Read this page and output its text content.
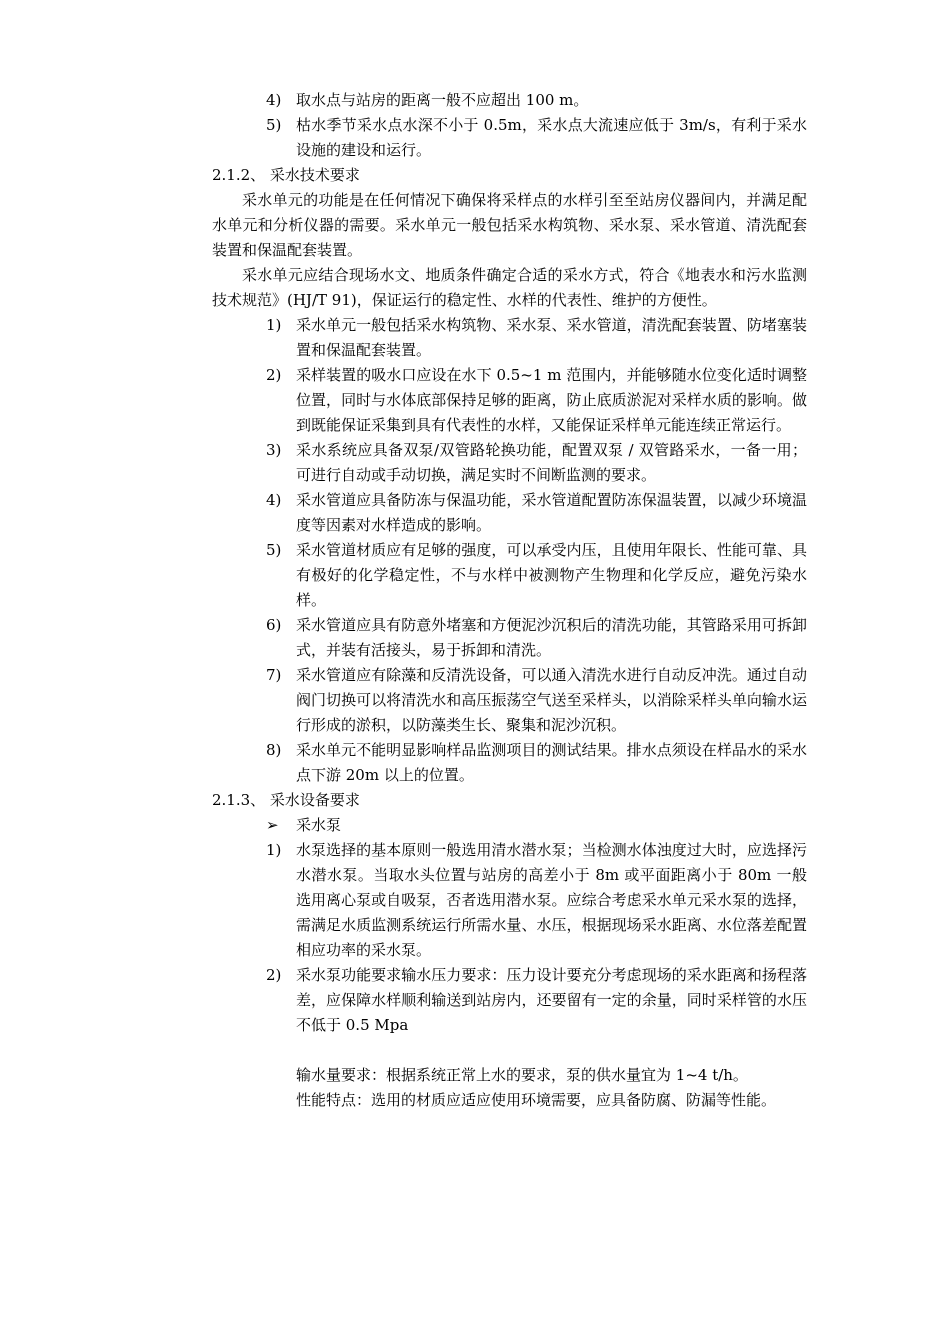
4) 取水点与站房的距离一般不应超出 100 m。
5) 枯水季节采水点水深不小于 0.5m，采水点大流速应低于 3m/s，有利于采水设施的建设和运行。

2.1.2、 采水技术要求

采水单元的功能是在任何情况下确保将采样点的水样引至至站房仪器间内，并满足配水单元和分析仪器的需要。采水单元一般包括采水构筑物、采水泵、采水管道、清洗配套装置和保温配套装置。

采水单元应结合现场水文、地质条件确定合适的采水方式，符合《地表水和污水监测技术规范》(HJ/T 91)，保证运行的稳定性、水样的代表性、维护的方便性。

1) 采水单元一般包括采水构筑物、采水泵、采水管道，清洗配套装置、防堵塞装置和保温配套装置。
2) 采样装置的吸水口应设在水下 0.5~1 m 范围内，并能够随水位变化适时调整位置，同时与水体底部保持足够的距离，防止底质淤泥对采样水质的影响。做到既能保证采集到具有代表性的水样，又能保证采样单元能连续正常运行。
3) 采水系统应具备双泵/双管路轮换功能，配置双泵 / 双管路采水，一备一用；可进行自动或手动切换，满足实时不间断监测的要求。
4) 采水管道应具备防冻与保温功能，采水管道配置防冻保温装置，以减少环境温度等因素对水样造成的影响。
5) 采水管道材质应有足够的强度，可以承受内压，且使用年限长、性能可靠、具有极好的化学稳定性，不与水样中被测物产生物理和化学反应，避免污染水样。
6) 采水管道应具有防意外堵塞和方便泥沙沉积后的清洗功能，其管路采用可拆卸式，并装有活接头，易于拆卸和清洗。
7) 采水管道应有除藻和反清洗设备，可以通入清洗水进行自动反冲洗。通过自动阀门切换可以将清洗水和高压振荡空气送至采样头，以消除采样头单向输水运行形成的淤积，以防藻类生长、聚集和泥沙沉积。
8) 采水单元不能明显影响样品监测项目的测试结果。排水点须设在样品水的采水点下游 20m 以上的位置。

2.1.3、 采水设备要求

➢	采水泵
1) 水泵选择的基本原则一般选用清水潜水泵；当检测水体浊度过大时，应选择污水潜水泵。当取水头位置与站房的高差小于 8m 或平面距离小于 80m 一般选用离心泵或自吸泵，否者选用潜水泵。应综合考虑采水单元采水泵的选择，需满足水质监测系统运行所需水量、水压，根据现场采水距离、水位落差配置相应功率的采水泵。
2) 采水泵功能要求输水压力要求：压力设计要充分考虑现场的采水距离和扬程落差，应保障水样顺利输送到站房内，还要留有一定的余量，同时采样管的水压不低于 0.5 Mpa

输水量要求：根据系统正常上水的要求，泵的供水量宜为 1~4 t/h。

性能特点：选用的材质应适应使用环境需要，应具备防腐、防漏等性能。
